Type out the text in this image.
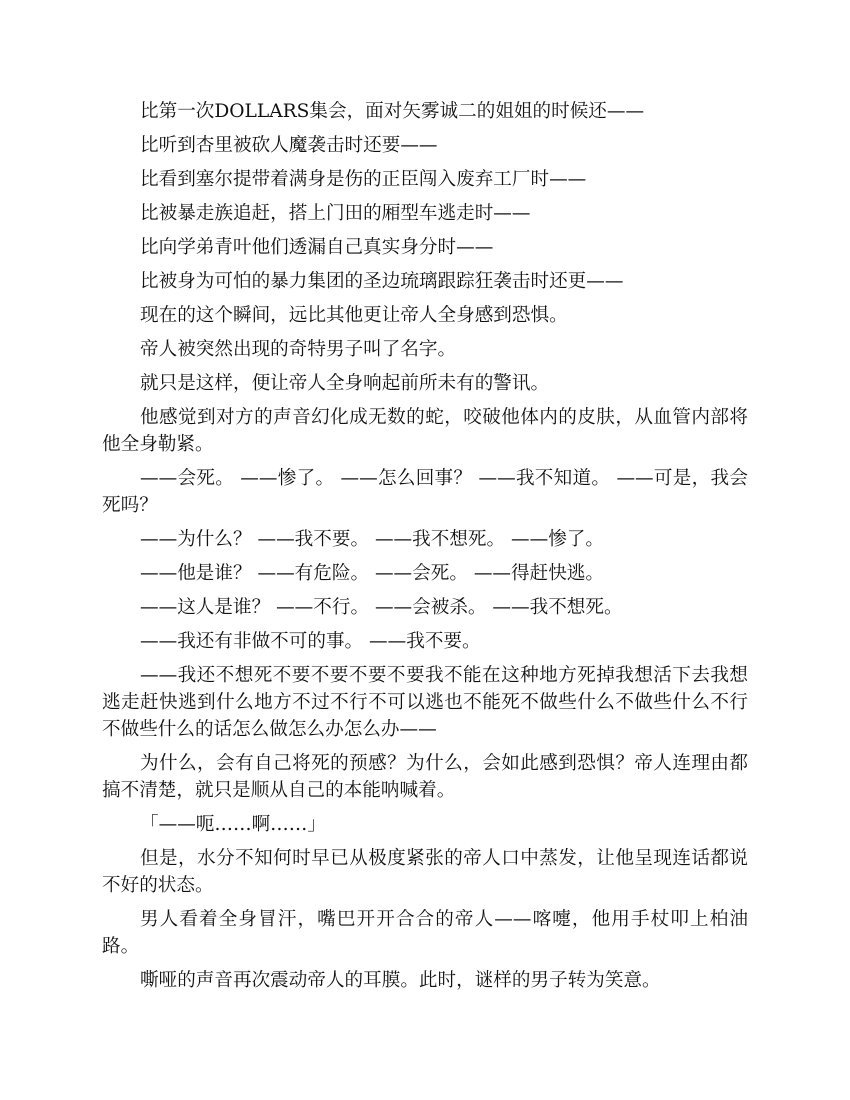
比第一次DOLLARS集会，面对矢雾诚二的姐姐的时候还——

比听到杏里被砍人魔袭击时还要——

比看到塞尔提带着满身是伤的正臣闯入废弃工厂时——

比被暴走族追赶，搭上门田的厢型车逃走时——

比向学弟青叶他们透漏自己真实身分时——

比被身为可怕的暴力集团的圣边琉璃跟踪狂袭击时还更——

现在的这个瞬间，远比其他更让帝人全身感到恐惧。

帝人被突然出现的奇特男子叫了名字。

就只是这样，便让帝人全身响起前所未有的警讯。

他感觉到对方的声音幻化成无数的蛇，咬破他体内的皮肤，从血管内部将他全身勒紧。

——会死。 ——惨了。 ——怎么回事？ ——我不知道。 ——可是，我会死吗？

——为什么？ ——我不要。 ——我不想死。 ——惨了。

——他是谁？ ——有危险。 ——会死。 ——得赶快逃。

——这人是谁？ ——不行。 ——会被杀。 ——我不想死。

——我还有非做不可的事。 ——我不要。

——我还不想死不要不要不要不要我不能在这种地方死掉我想活下去我想逃走赶快逃到什么地方不过不行不可以逃也不能死不做些什么不做些什么不行不做些什么的话怎么做怎么办怎么办——

为什么，会有自己将死的预感？为什么，会如此感到恐惧？帝人连理由都搞不清楚，就只是顺从自己的本能呐喊着。

「——呃……啊……」

但是，水分不知何时早已从极度紧张的帝人口中蒸发，让他呈现连话都说不好的状态。

男人看着全身冒汗，嘴巴开开合合的帝人——喀嚏，他用手杖叩上柏油路。

嘶哑的声音再次震动帝人的耳膜。此时，谜样的男子转为笑意。
